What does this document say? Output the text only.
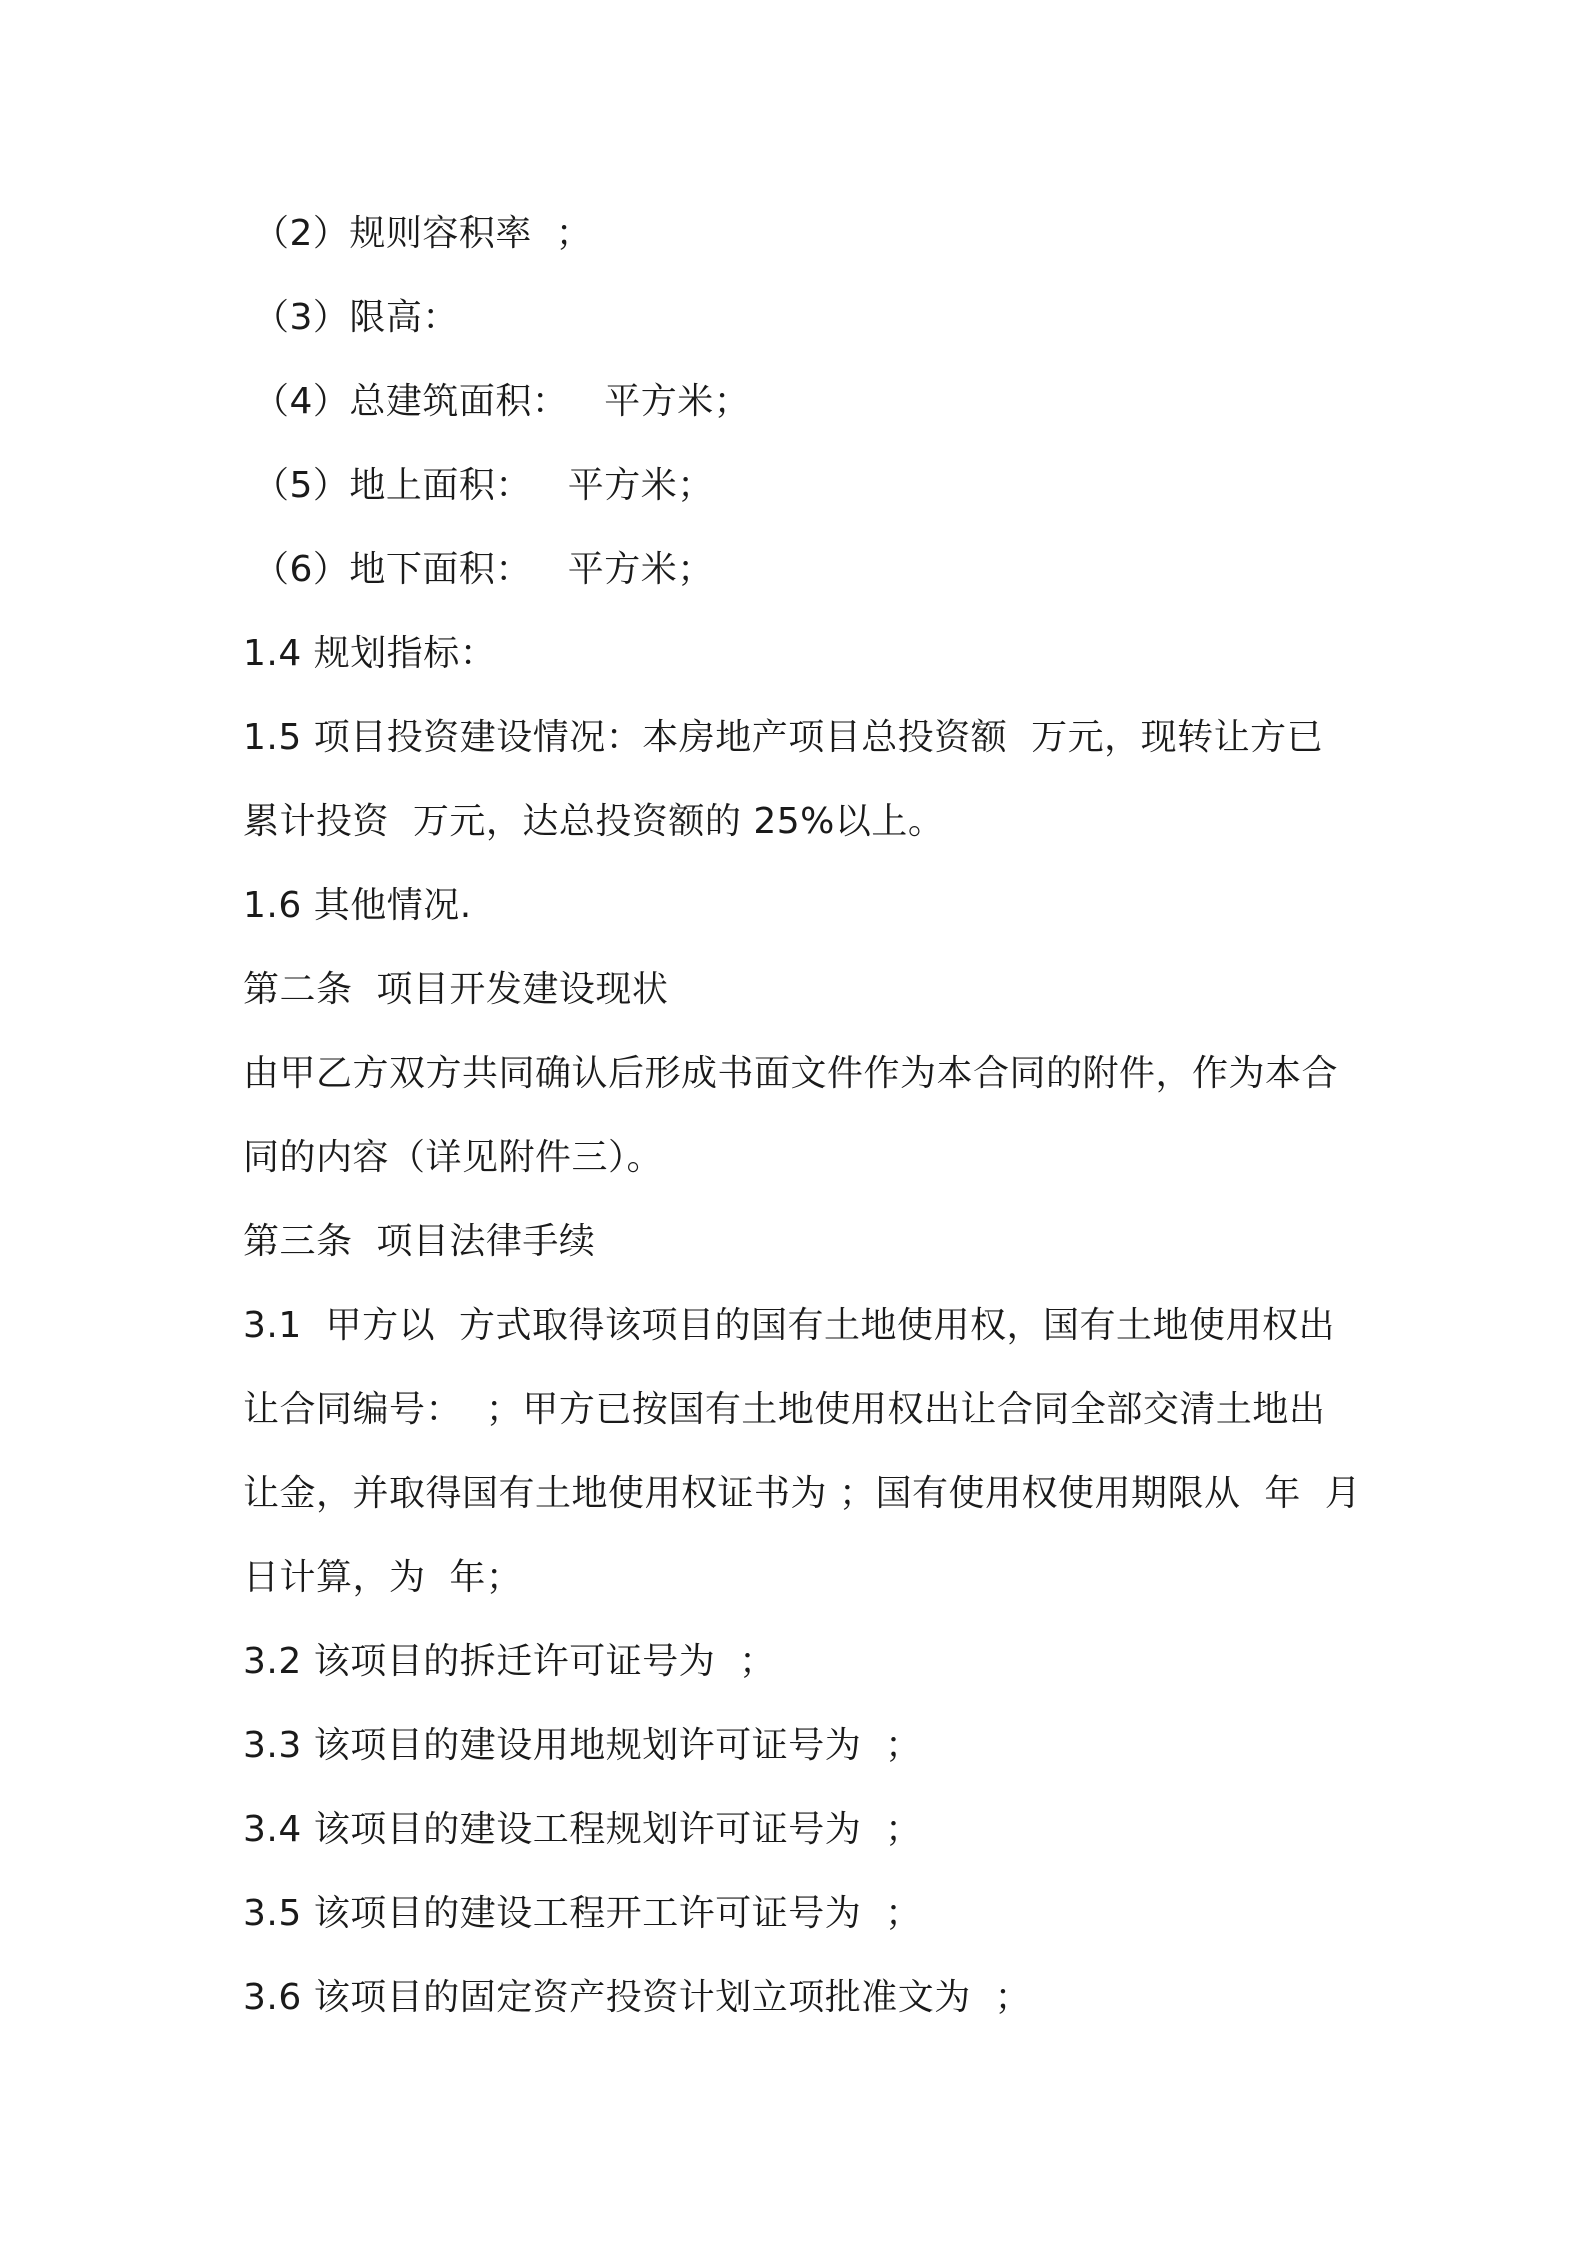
（2）规则容积率  ；
（3）限高：
（4）总建筑面积：   平方米；
（5）地上面积：   平方米；
（6）地下面积：   平方米；
1.4 规划指标：
1.5 项目投资建设情况：本房地产项目总投资额  万元，现转让方已
累计投资  万元，达总投资额的 25%以上。
1.6 其他情况.
第二条  项目开发建设现状
由甲乙方双方共同确认后形成书面文件作为本合同的附件，作为本合
同的内容（详见附件三）。
第三条  项目法律手续
3.1  甲方以  方式取得该项目的国有土地使用权，国有土地使用权出
让合同编号：  ；甲方已按国有土地使用权出让合同全部交清土地出
让金，并取得国有土地使用权证书为 ；国有使用权使用期限从  年  月
日计算，为  年；
3.2 该项目的拆迁许可证号为  ；
3.3 该项目的建设用地规划许可证号为  ；
3.4 该项目的建设工程规划许可证号为  ；
3.5 该项目的建设工程开工许可证号为  ；
3.6 该项目的固定资产投资计划立项批准文为  ；
